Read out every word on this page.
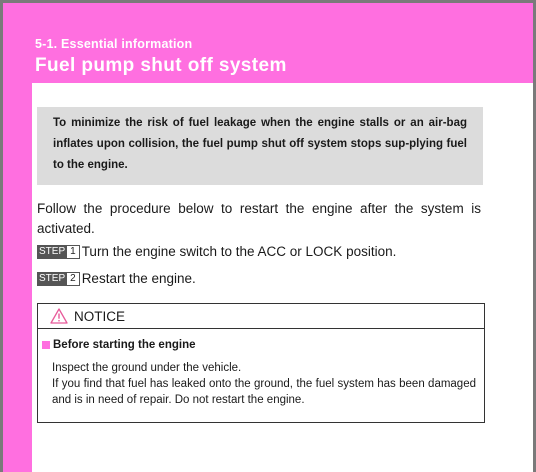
5-1. Essential information
Fuel pump shut off system

To minimize the risk of fuel leakage when the engine stalls or an air-bag inflates upon collision, the fuel pump shut off system stops sup-plying fuel to the engine.

Follow the procedure below to restart the engine after the system is activated.

STEP 1 Turn the engine switch to the ACC or LOCK position.
STEP 2 Restart the engine.
NOTICE
Before starting the engine

Inspect the ground under the vehicle.
If you find that fuel has leaked onto the ground, the fuel system has been damaged and is in need of repair. Do not restart the engine.
